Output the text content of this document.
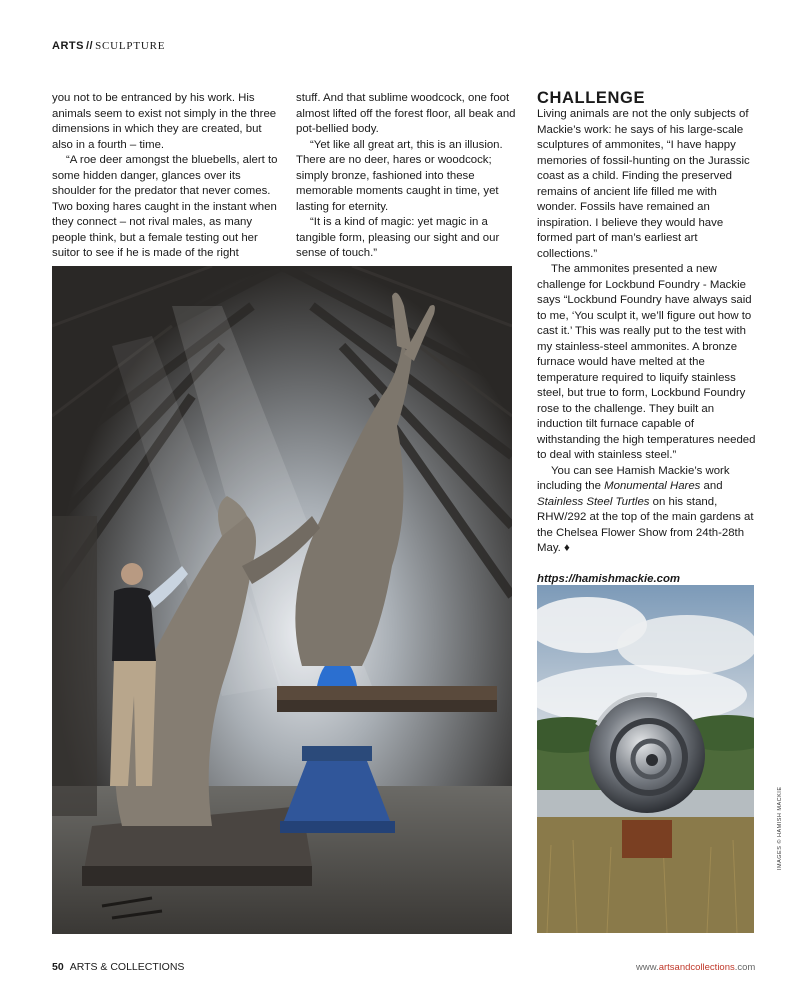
ARTS // SCULPTURE

you not to be entranced by his work. His animals seem to exist not simply in the three dimensions in which they are created, but also in a fourth – time.

“A roe deer amongst the bluebells, alert to some hidden danger, glances over its shoulder for the predator that never comes. Two boxing hares caught in the instant when they connect – not rival males, as many people think, but a female testing out her suitor to see if he is made of the right

stuff. And that sublime woodcock, one foot almost lifted off the forest floor, all beak and pot-bellied body.

“Yet like all great art, this is an illusion. There are no deer, hares or woodcock; simply bronze, fashioned into these memorable moments caught in time, yet lasting for eternity.

“It is a kind of magic: yet magic in a tangible form, pleasing our sight and our sense of touch.”

CHALLENGE

Living animals are not the only subjects of Mackie’s work: he says of his large-scale sculptures of ammonites, “I have happy memories of fossil-hunting on the Jurassic coast as a child. Finding the preserved remains of ancient life filled me with wonder. Fossils have remained an inspiration. I believe they would have formed part of man’s earliest art collections.”

The ammonites presented a new challenge for Lockbund Foundry - Mackie says “Lockbund Foundry have always said to me, ‘You sculpt it, we’ll figure out how to cast it.’ This was really put to the test with my stainless-steel ammonites. A bronze furnace would have melted at the temperature required to liquify stainless steel, but true to form, Lockbund Foundry rose to the challenge. They built an induction tilt furnace capable of withstanding the high temperatures needed to deal with stainless steel.”

You can see Hamish Mackie’s work including the Monumental Hares and Stainless Steel Turtles on his stand, RHW/292 at the top of the main gardens at the Chelsea Flower Show from 24th-28th May. ♦

https://hamishmackie.com

IMAGES © HAMISH MACKIE
50 ARTS & COLLECTIONS	www.artsandcollections.com
